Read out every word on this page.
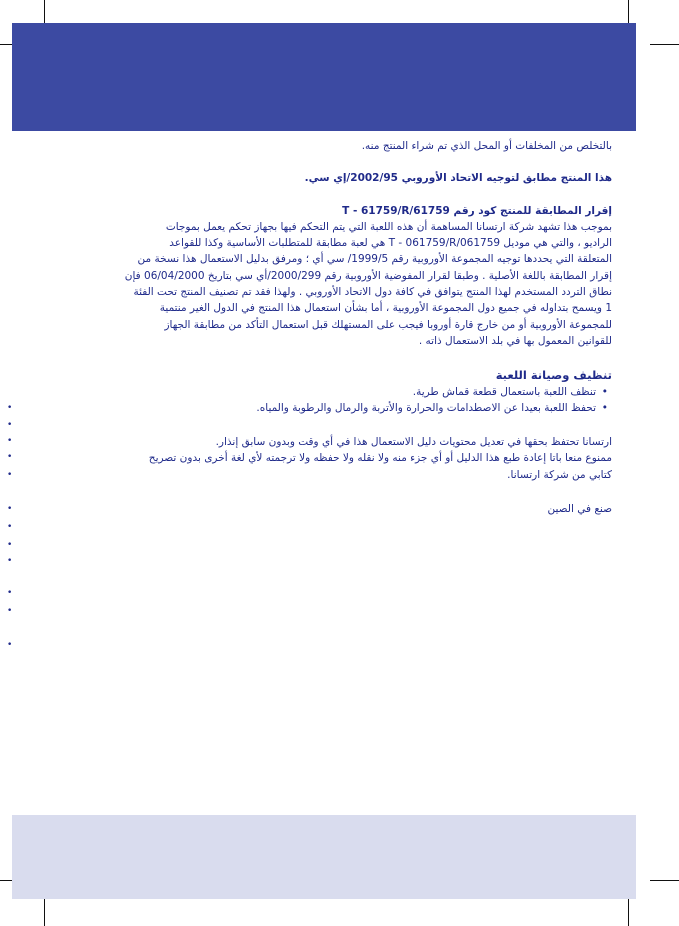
•
•
•
•
•
•
•
•
•
•
•
•

بالتخلص من المخلفات أو المحل الذي تم شراء المنتج منه.

هذا المنتج مطابق لتوجيه الاتحاد الأوروبي 2002/95/إي سي.

إقرار المطابقة للمنتج كود رقم T - 61759/R/61759

بموجب هذا تشهد شركة ارتسانا المساهمة أن هذه اللعبة التي يتم التحكم فيها بجهاز تحكم يعمل بموجات

الراديو ، والتي هي موديل T - 061759/R/061759 هي لعبة مطابقة للمتطلبات الأساسية وكذا للقواعد

المتعلقة التي يحددها توجيه المجموعة الأوروبية رقم 1999/5/ سي أي ؛ ومرفق بدليل الاستعمال هذا نسخة من

إقرار المطابقة باللغة الأصلية . وطبقا لقرار المفوضية الأوروبية رقم 2000/299/أي سي بتاريخ 06/04/2000 فإن

نطاق التردد المستخدم لهذا المنتج يتوافق في كافة دول الاتحاد الأوروبي . ولهذا فقد تم تصنيف المنتج تحت الفئة

1 ويسمح بتداوله في جميع دول المجموعة الأوروبية ، أما بشأن استعمال هذا المنتج في الدول الغير منتمية

للمجموعة الأوروبية أو من خارج قارة أوروبا فيجب على المستهلك قبل استعمال التأكد من مطابقة الجهاز

للقوانين المعمول بها في بلد الاستعمال ذاته .

تنظيف وصيانة اللعبة

• تنظف اللعبة باستعمال قطعة قماش طرية.
• تحفظ اللعبة بعيدا عن الاصطدامات والحرارة والأتربة والرمال والرطوبة والمياه.

ارتسانا تحتفظ بحقها في تعديل محتويات دليل الاستعمال هذا في أي وقت وبدون سابق إنذار.

ممنوع منعا باتا إعادة طبع هذا الدليل أو أي جزء منه ولا نقله ولا حفظه ولا ترجمته لأي لغة أخرى بدون تصريح

كتابي من شركة ارتسانا.

صنع في الصين
